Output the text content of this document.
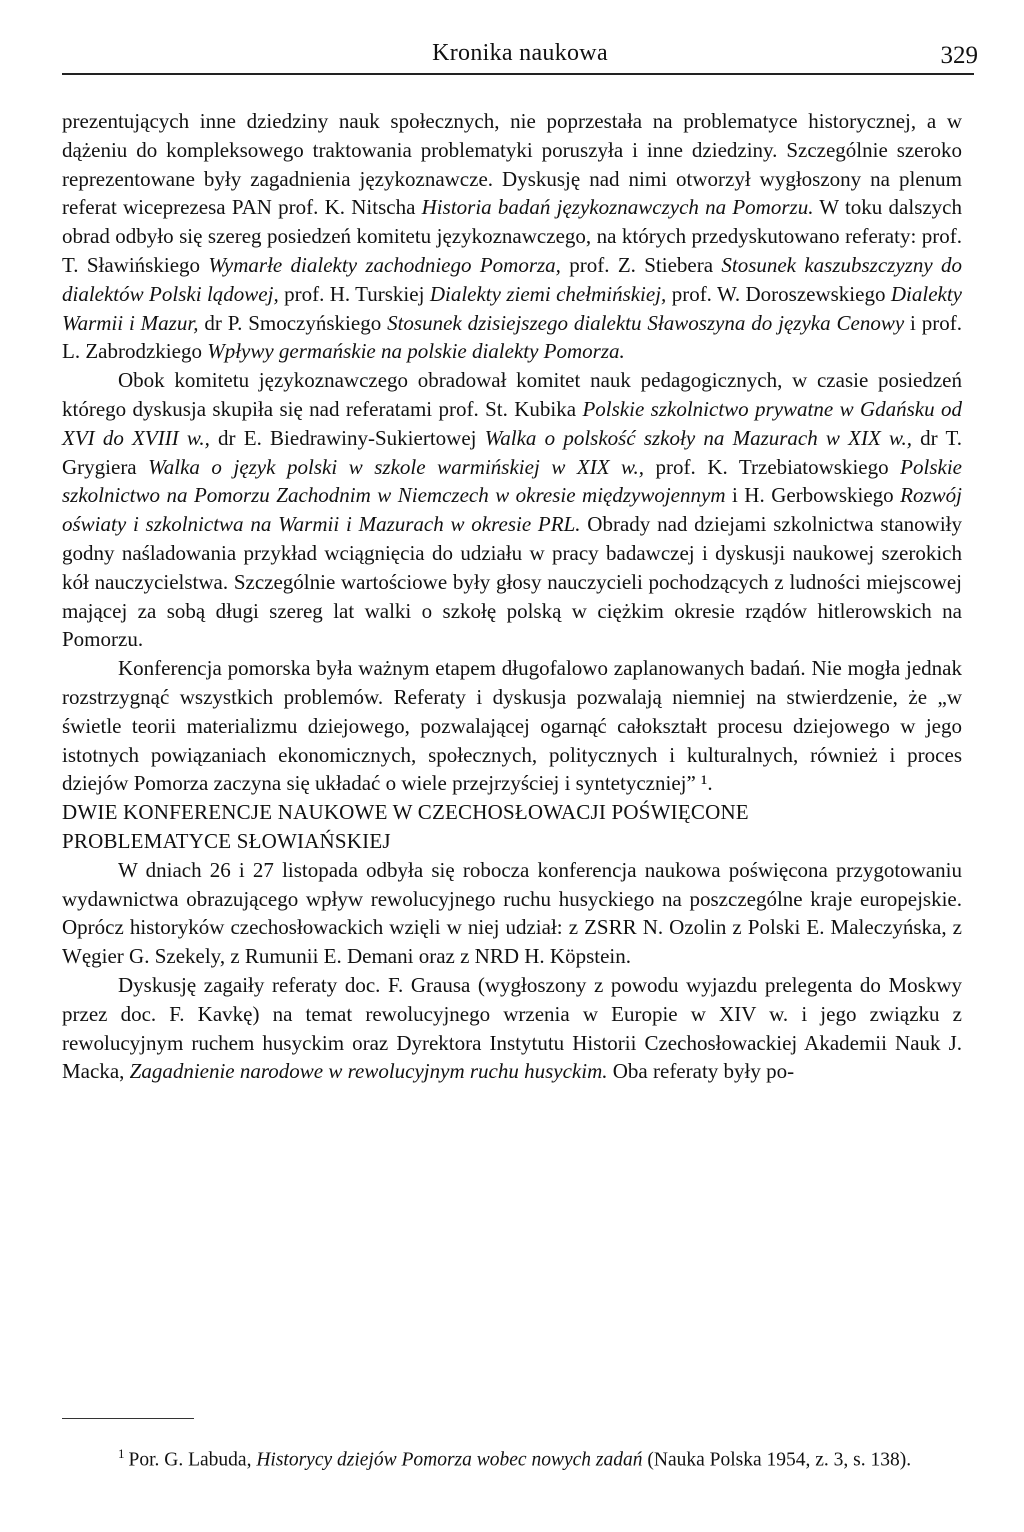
Kronika naukowa	329

prezentujących inne dziedziny nauk społecznych, nie poprzestała na problematyce historycznej, a w dążeniu do kompleksowego traktowania problematyki poruszyła i inne dziedziny. Szczególnie szeroko reprezentowane były zagadnienia językoznawcze. Dyskusję nad nimi otworzył wygłoszony na plenum referat wiceprezesa PAN prof. K. Nitscha Historia badań językoznawczych na Pomorzu. W toku dalszych obrad odbyło się szereg posiedzeń komitetu językoznawczego, na których przedyskutowano referaty: prof. T. Sławińskiego Wymarłe dialekty zachodniego Pomorza, prof. Z. Stiebera Stosunek kaszubszczyzny do dialektów Polski lądowej, prof. H. Turskiej Dialekty ziemi chełmińskiej, prof. W. Doroszewskiego Dialekty Warmii i Mazur, dr P. Smoczyńskiego Stosunek dzisiejszego dialektu Sławoszyna do języka Cenowy i prof. L. Zabrodzkiego Wpływy germańskie na polskie dialekty Pomorza.

Obok komitetu językoznawczego obradował komitet nauk pedagogicznych, w czasie posiedzeń którego dyskusja skupiła się nad referatami prof. St. Kubika Polskie szkolnictwo prywatne w Gdańsku od XVI do XVIII w., dr E. Biedrawiny-Sukiertowej Walka o polskość szkoły na Mazurach w XIX w., dr T. Grygiera Walka o język polski w szkole warmińskiej w XIX w., prof. K. Trzebiatowskiego Polskie szkolnictwo na Pomorzu Zachodnim w Niemczech w okresie międzywojennym i H. Gerbowskiego Rozwój oświaty i szkolnictwa na Warmii i Mazurach w okresie PRL. Obrady nad dziejami szkolnictwa stanowiły godny naśladowania przykład wciągnięcia do udziału w pracy badawczej i dyskusji naukowej szerokich kół nauczycielstwa. Szczególnie wartościowe były głosy nauczycieli pochodzących z ludności miejscowej mającej za sobą długi szereg lat walki o szkołę polską w ciężkim okresie rządów hitlerowskich na Pomorzu.

Konferencja pomorska była ważnym etapem długofalowo zaplanowanych badań. Nie mogła jednak rozstrzygnąć wszystkich problemów. Referaty i dyskusja pozwalają niemniej na stwierdzenie, że „w świetle teorii materializmu dziejowego, pozwalającej ogarnąć całokształt procesu dziejowego w jego istotnych powiązaniach ekonomicznych, społecznych, politycznych i kulturalnych, również i proces dziejów Pomorza zaczyna się układać o wiele przejrzyściej i syntetyczniej” ¹.

DWIE KONFERENCJE NAUKOWE W CZECHOSŁOWACJI POŚWIĘCONE
PROBLEMATYCE SŁOWIAŃSKIEJ

W dniach 26 i 27 listopada odbyła się robocza konferencja naukowa poświęcona przygotowaniu wydawnictwa obrazującego wpływ rewolucyjnego ruchu husyckiego na poszczególne kraje europejskie. Oprócz historyków czechosłowackich wzięli w niej udział: z ZSRR N. Ozolin z Polski E. Maleczyńska, z Węgier G. Szekely, z Rumunii E. Demani oraz z NRD H. Köpstein.

Dyskusję zagaiły referaty doc. F. Grausa (wygłoszony z powodu wyjazdu prelegenta do Moskwy przez doc. F. Kavkę) na temat rewolucyjnego wrzenia w Europie w XIV w. i jego związku z rewolucyjnym ruchem husyckim oraz Dyrektora Instytutu Historii Czechosłowackiej Akademii Nauk J. Macka, Zagadnienie narodowe w rewolucyjnym ruchu husyckim. Oba referaty były po-

$^1$ Por. G. Labuda, Historycy dziejów Pomorza wobec nowych zadań (Nauka Polska 1954, z. 3, s. 138).
